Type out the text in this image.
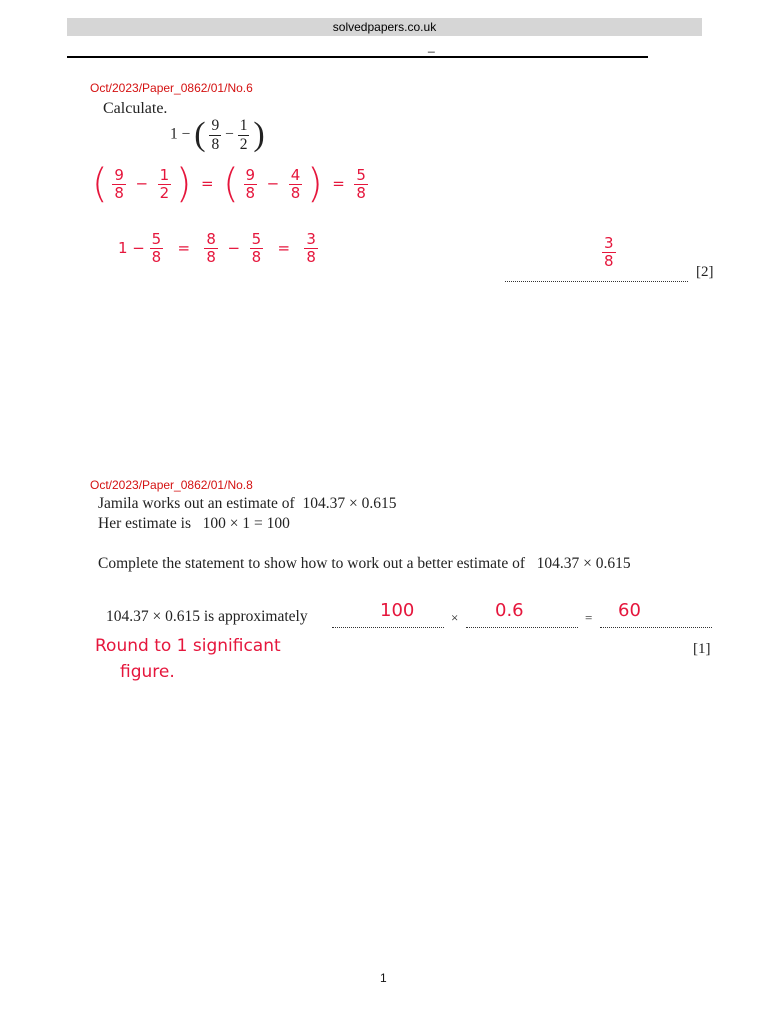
solvedpapers.co.uk
_
Oct/2023/Paper_0862/01/No.6
Calculate.
1 − ( $\frac{9}{8} - \frac{1}{2}$ )
( $\frac{9}{8} - \frac{1}{2}$ )  =  ( $\frac{9}{8} - \frac{4}{8}$ )  = $\frac{5}{8}$
$1 - \frac{5}{8} = \frac{8}{8} - \frac{5}{8} = \frac{3}{8}$	$\frac{3}{8}$
[2]
Oct/2023/Paper_0862/01/No.8
Jamila works out an estimate of 104.37 × 0.615
Her estimate is 100 × 1 = 100
Complete the statement to show how to work out a better estimate of 104.37 × 0.615
104.37 × 0.615 is approximately	100	× 0.6	= 60
Round to 1 significant
figure.
[1]
1
